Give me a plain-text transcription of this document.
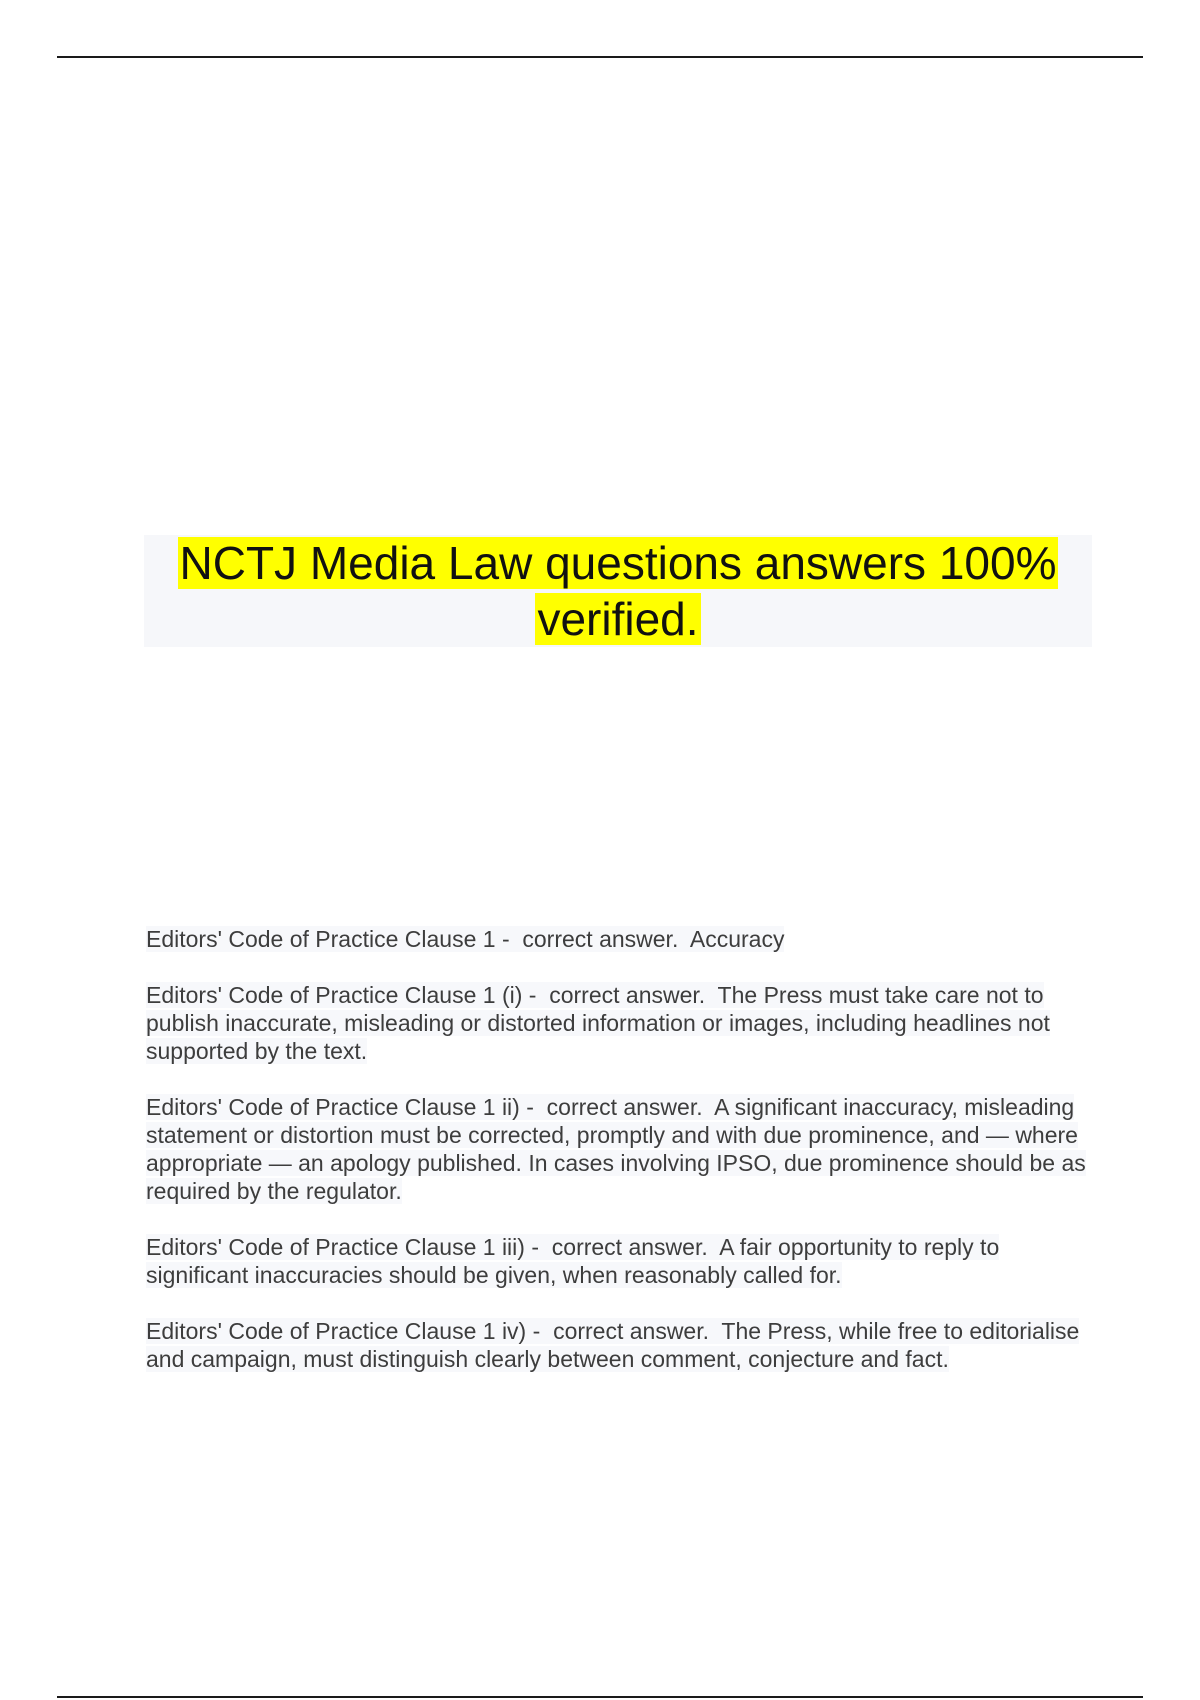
NCTJ Media Law questions answers 100% verified.

Editors' Code of Practice Clause 1 - correct answer. Accuracy

Editors' Code of Practice Clause 1 (i) - correct answer. The Press must take care not to publish inaccurate, misleading or distorted information or images, including headlines not supported by the text.

Editors' Code of Practice Clause 1 ii) - correct answer. A significant inaccuracy, misleading statement or distortion must be corrected, promptly and with due prominence, and — where appropriate — an apology published. In cases involving IPSO, due prominence should be as required by the regulator.

Editors' Code of Practice Clause 1 iii) - correct answer. A fair opportunity to reply to significant inaccuracies should be given, when reasonably called for.

Editors' Code of Practice Clause 1 iv) - correct answer. The Press, while free to editorialise and campaign, must distinguish clearly between comment, conjecture and fact.
